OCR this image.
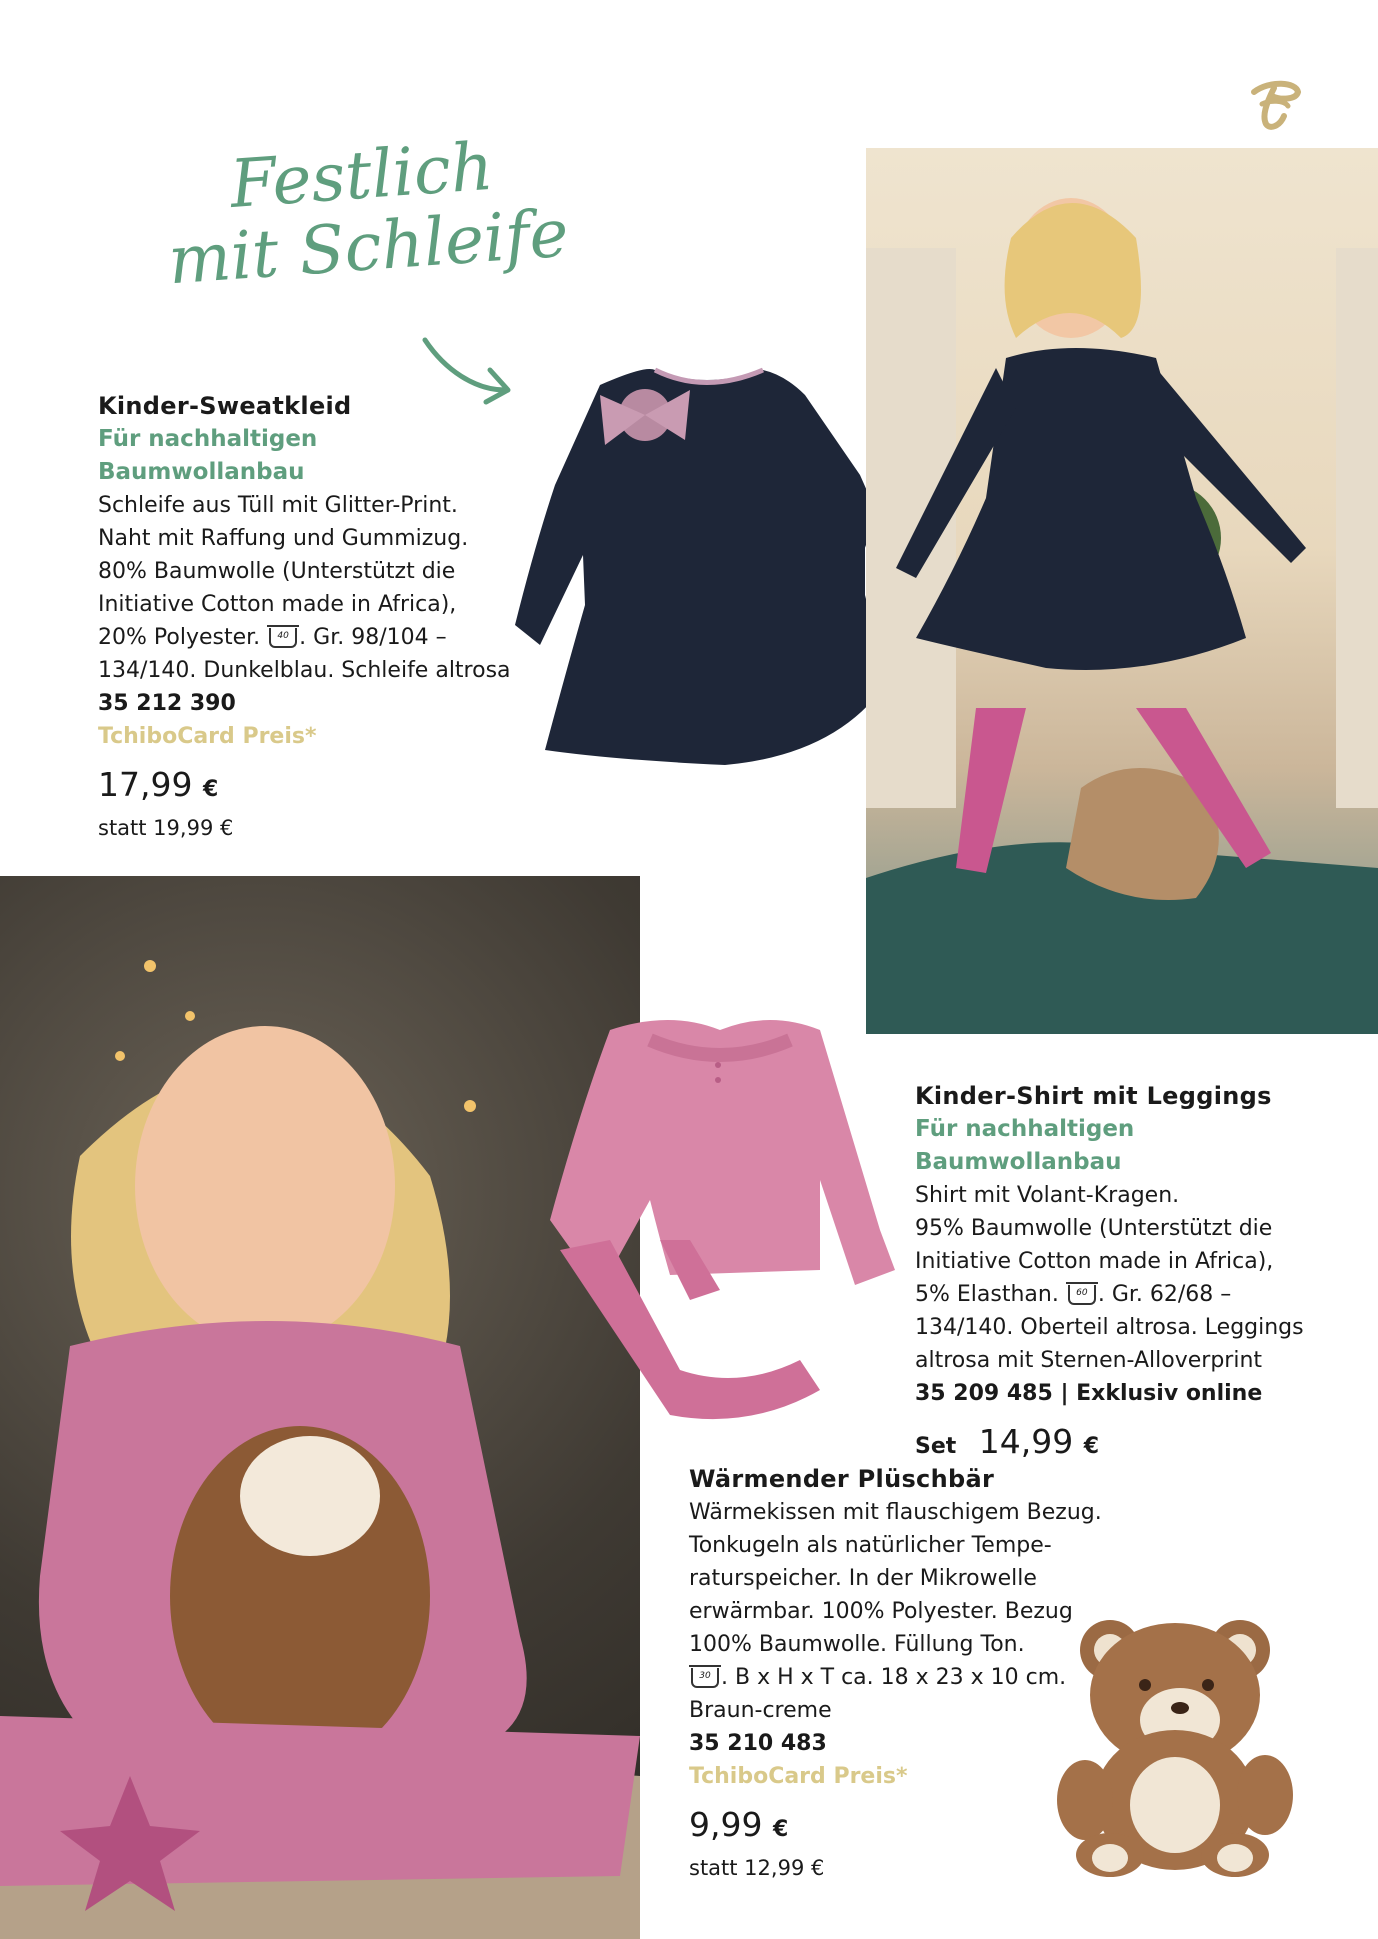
Festlich
mit Schleife
Kinder-Sweatkleid
Für nachhaltigen
Baumwollanbau
Schleife aus Tüll mit Glitter-Print.
Naht mit Raffung und Gummizug.
80% Baumwolle (Unterstützt die
Initiative Cotton made in Africa),
20% Polyester. 40 . Gr. 98/104 –
134/140. Dunkelblau. Schleife altrosa
35 212 390
TchiboCard Preis*
17,99 €
statt 19,99 €
Kinder-Shirt mit Leggings
Für nachhaltigen Baumwollanbau
Shirt mit Volant-Kragen.
95% Baumwolle (Unterstützt die
Initiative Cotton made in Africa),
5% Elasthan. 60 . Gr. 62/68 –
134/140. Oberteil altrosa. Leggings
altrosa mit Sternen-Alloverprint
35 209 485 | Exklusiv online
Set 14,99 €
Wärmender Plüschbär
Wärmekissen mit flauschigem Bezug.
Tonkugeln als natürlicher Tempe-
raturspeicher. In der Mikrowelle
erwärmbar. 100% Polyester. Bezug
100% Baumwolle. Füllung Ton.
30 . B x H x T ca. 18 x 23 x 10 cm.
Braun-creme
35 210 483
TchiboCard Preis*
9,99 €
statt 12,99 €
